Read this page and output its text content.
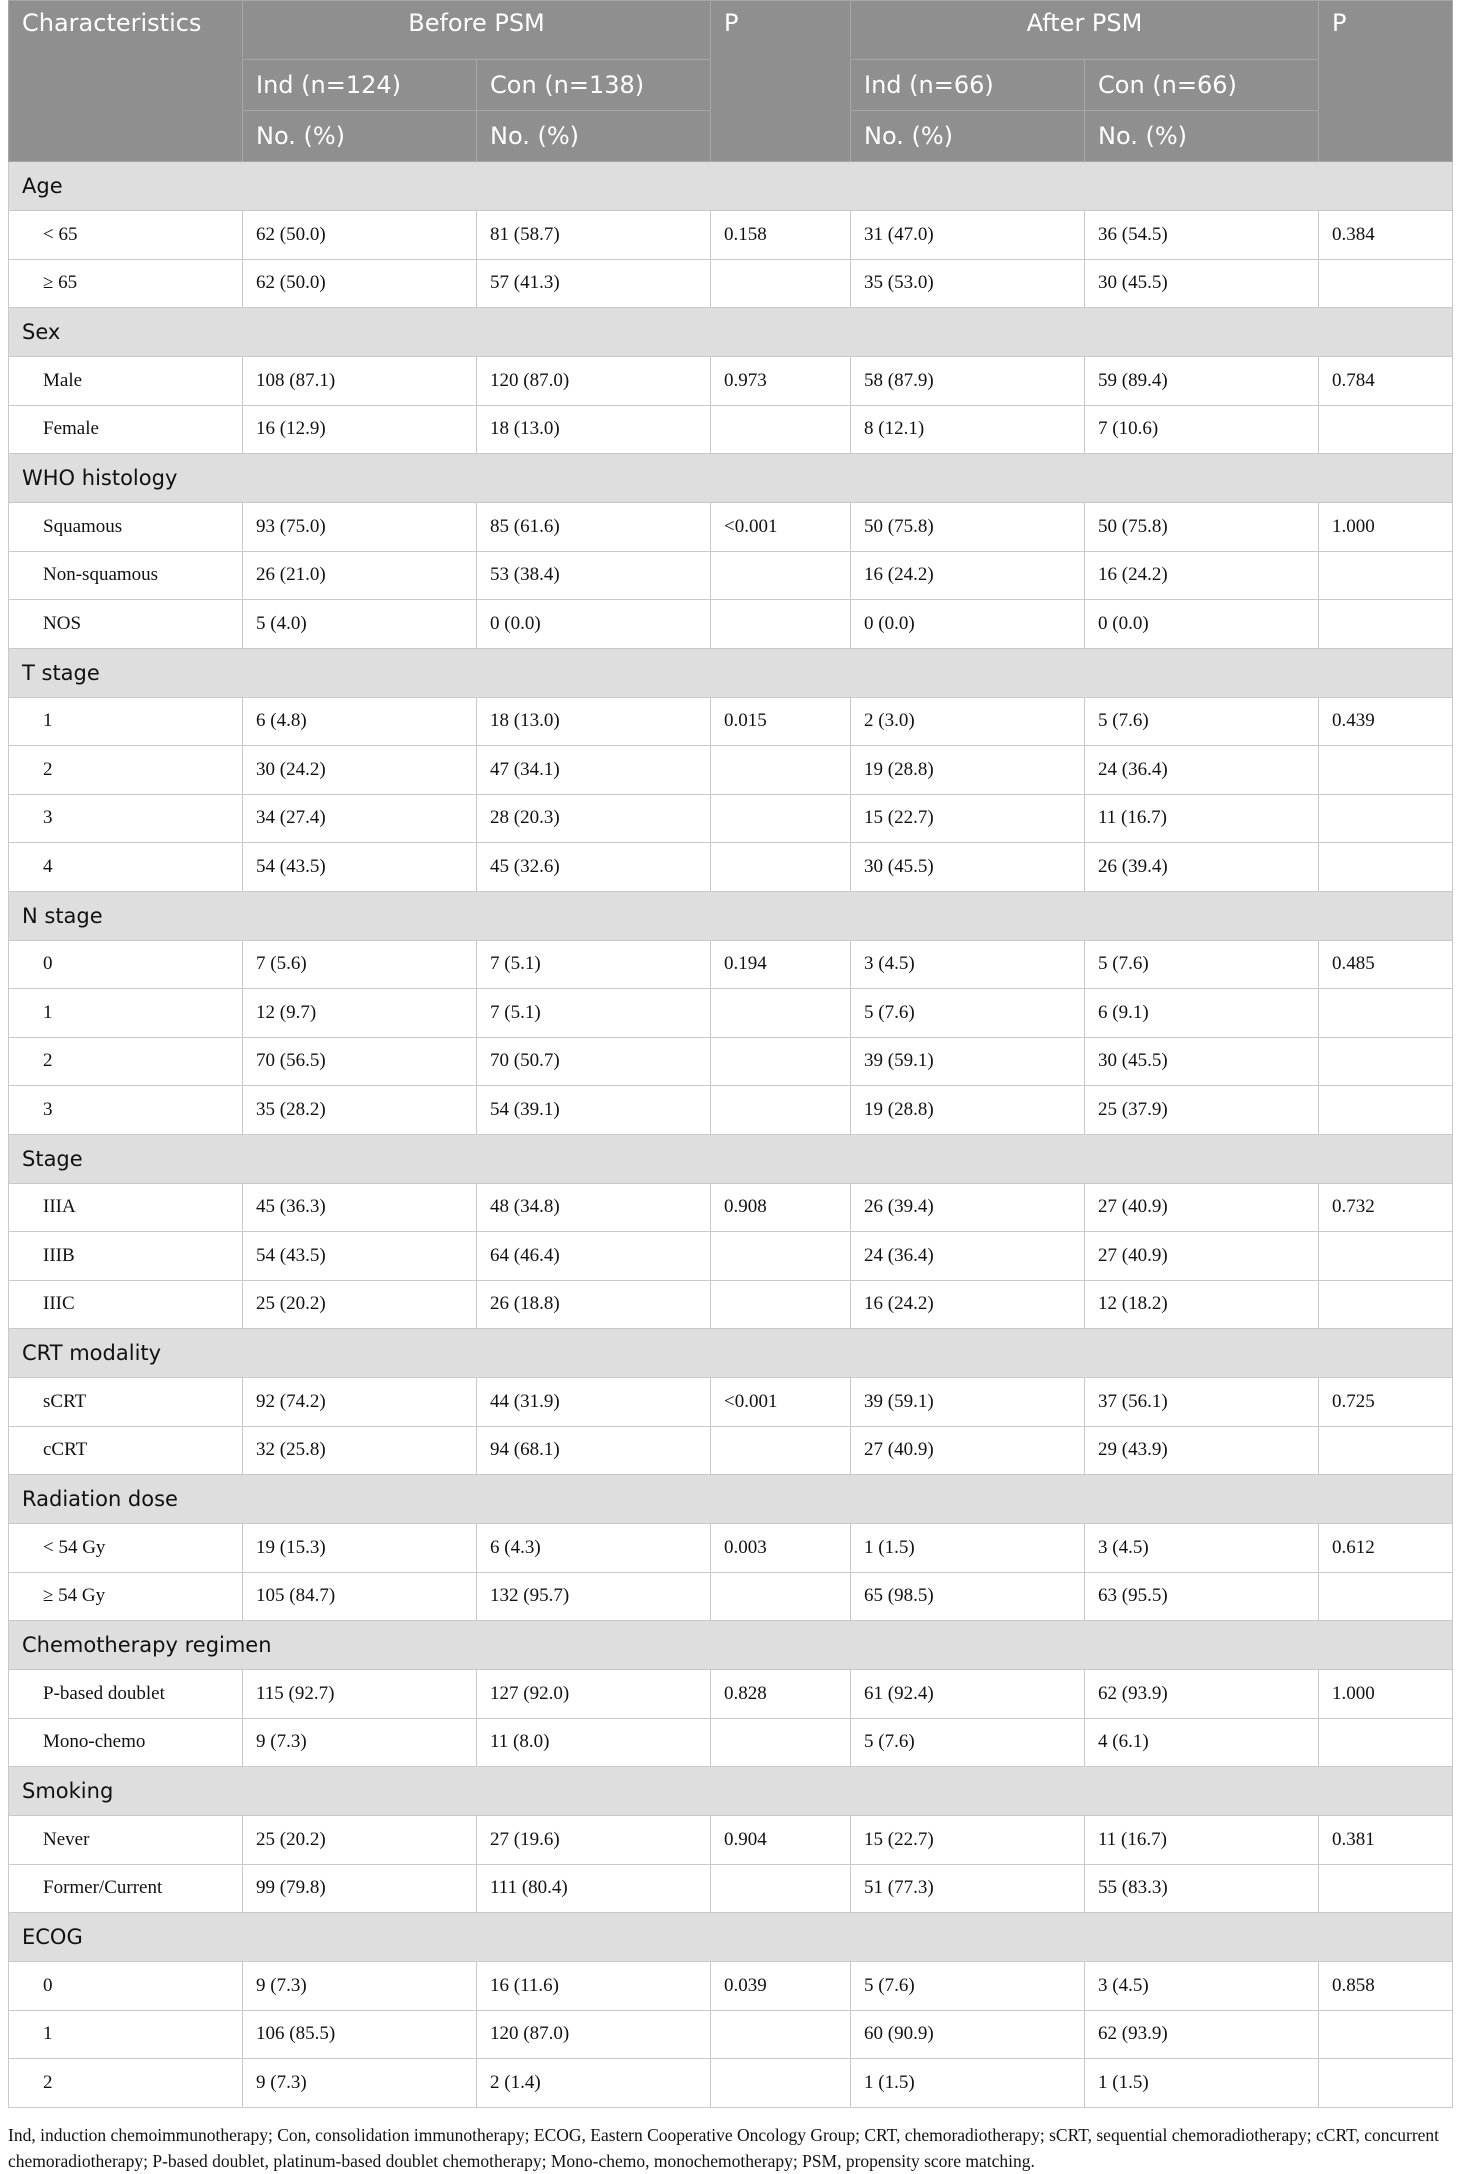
Characteristics	Before PSM		P	After PSM		P
	Ind (n=124)	Con (n=138)		Ind (n=66)	Con (n=66)	
	No. (%)	No. (%)		No. (%)	No. (%)	
Age						
< 65	62 (50.0)	81 (58.7)	0.158	31 (47.0)	36 (54.5)	0.384
≥ 65	62 (50.0)	57 (41.3)		35 (53.0)	30 (45.5)	
Sex						
Male	108 (87.1)	120 (87.0)	0.973	58 (87.9)	59 (89.4)	0.784
Female	16 (12.9)	18 (13.0)		8 (12.1)	7 (10.6)	
WHO histology						
Squamous	93 (75.0)	85 (61.6)	<0.001	50 (75.8)	50 (75.8)	1.000
Non-squamous	26 (21.0)	53 (38.4)		16 (24.2)	16 (24.2)	
NOS	5 (4.0)	0 (0.0)		0 (0.0)	0 (0.0)	
T stage						
1	6 (4.8)	18 (13.0)	0.015	2 (3.0)	5 (7.6)	0.439
2	30 (24.2)	47 (34.1)		19 (28.8)	24 (36.4)	
3	34 (27.4)	28 (20.3)		15 (22.7)	11 (16.7)	
4	54 (43.5)	45 (32.6)		30 (45.5)	26 (39.4)	
N stage						
0	7 (5.6)	7 (5.1)	0.194	3 (4.5)	5 (7.6)	0.485
1	12 (9.7)	7 (5.1)		5 (7.6)	6 (9.1)	
2	70 (56.5)	70 (50.7)		39 (59.1)	30 (45.5)	
3	35 (28.2)	54 (39.1)		19 (28.8)	25 (37.9)	
Stage						
IIIA	45 (36.3)	48 (34.8)	0.908	26 (39.4)	27 (40.9)	0.732
IIIB	54 (43.5)	64 (46.4)		24 (36.4)	27 (40.9)	
IIIC	25 (20.2)	26 (18.8)		16 (24.2)	12 (18.2)	
CRT modality						
sCRT	92 (74.2)	44 (31.9)	<0.001	39 (59.1)	37 (56.1)	0.725
cCRT	32 (25.8)	94 (68.1)		27 (40.9)	29 (43.9)	
Radiation dose						
< 54 Gy	19 (15.3)	6 (4.3)	0.003	1 (1.5)	3 (4.5)	0.612
≥ 54 Gy	105 (84.7)	132 (95.7)		65 (98.5)	63 (95.5)	
Chemotherapy regimen						
P-based doublet	115 (92.7)	127 (92.0)	0.828	61 (92.4)	62 (93.9)	1.000
Mono-chemo	9 (7.3)	11 (8.0)		5 (7.6)	4 (6.1)	
Smoking						
Never	25 (20.2)	27 (19.6)	0.904	15 (22.7)	11 (16.7)	0.381
Former/Current	99 (79.8)	111 (80.4)		51 (77.3)	55 (83.3)	
ECOG						
0	9 (7.3)	16 (11.6)	0.039	5 (7.6)	3 (4.5)	0.858
1	106 (85.5)	120 (87.0)		60 (90.9)	62 (93.9)	
2	9 (7.3)	2 (1.4)		1 (1.5)	1 (1.5)	
Ind, induction chemoimmunotherapy; Con, consolidation immunotherapy; ECOG, Eastern Cooperative Oncology Group; CRT, chemoradiotherapy; sCRT, sequential chemoradiotherapy; cCRT, concurrent chemoradiotherapy; P-based doublet, platinum-based doublet chemotherapy; Mono-chemo, monochemotherapy; PSM, propensity score matching.
